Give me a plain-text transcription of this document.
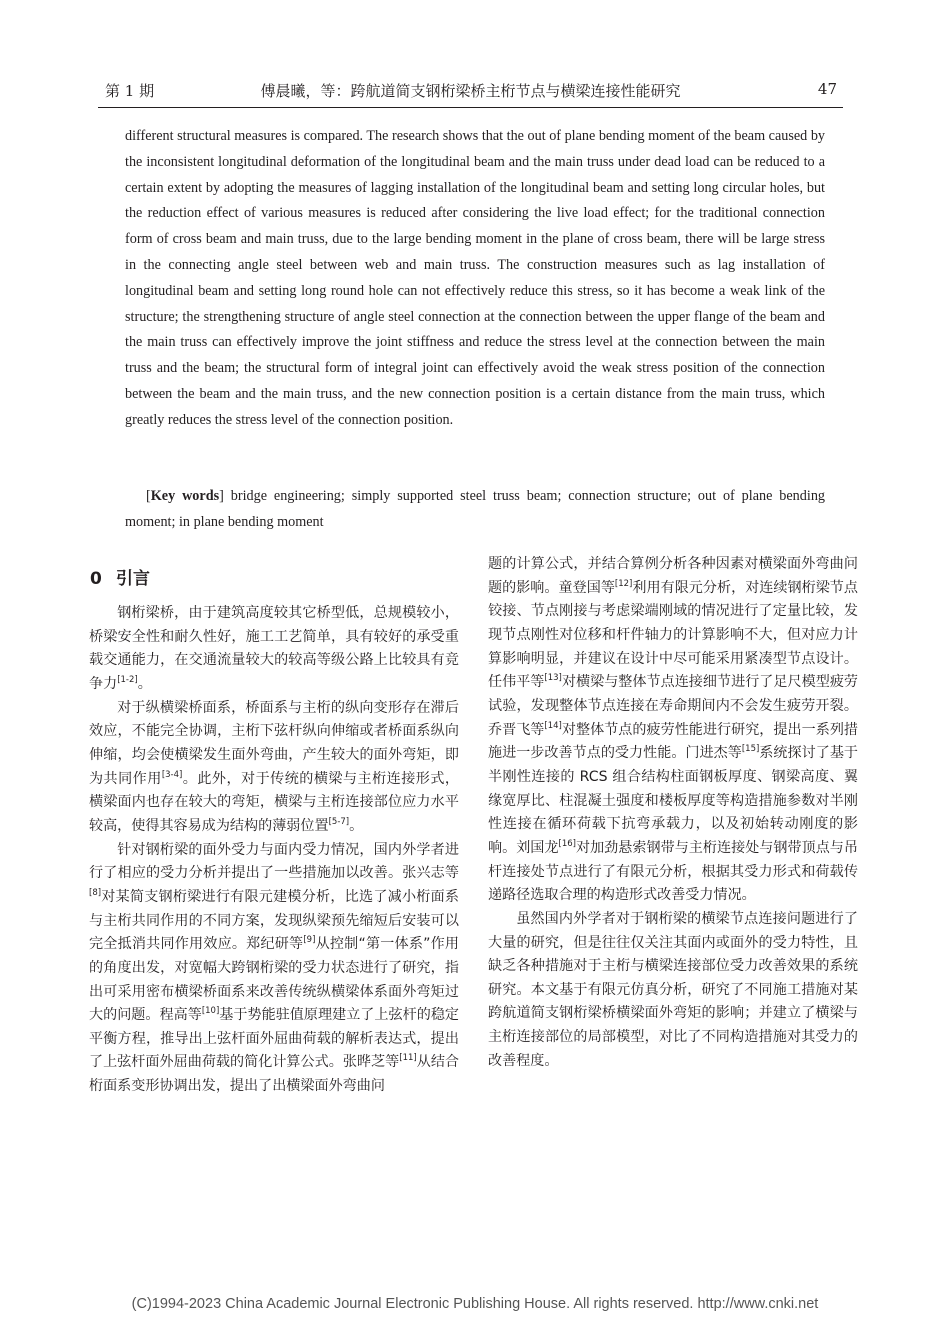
第 1 期	傅晨曦，等：跨航道简支钢桁梁桥主桁节点与横梁连接性能研究	47

different structural measures is compared. The research shows that the out of plane bending moment of the beam caused by the inconsistent longitudinal deformation of the longitudinal beam and the main truss under dead load can be reduced to a certain extent by adopting the measures of lagging installation of the longitudinal beam and setting long circular holes, but the reduction effect of various measures is reduced after considering the live load effect; for the traditional connection form of cross beam and main truss, due to the large bending moment in the plane of cross beam, there will be large stress in the connecting angle steel between web and main truss. The construction measures such as lag installation of longitudinal beam and setting long round hole can not effectively reduce this stress, so it has become a weak link of the structure; the strengthening structure of angle steel connection at the connection between the upper flange of the beam and the main truss can effectively improve the joint stiffness and reduce the stress level at the connection between the main truss and the beam; the structural form of integral joint can effectively avoid the weak stress position of the connection between the beam and the main truss, and the new connection position is a certain distance from the main truss, which greatly reduces the stress level of the connection position.

[Key words] bridge engineering; simply supported steel truss beam; connection structure; out of plane bending moment; in plane bending moment

0 引言

钢桁梁桥，由于建筑高度较其它桥型低，总规模较小，桥梁安全性和耐久性好，施工工艺简单，具有较好的承受重载交通能力，在交通流量较大的较高等级公路上比较具有竞争力[1-2]。

对于纵横梁桥面系，桥面系与主桁的纵向变形存在滞后效应，不能完全协调，主桁下弦杆纵向伸缩或者桥面系纵向伸缩，均会使横梁发生面外弯曲，产生较大的面外弯矩，即为共同作用[3-4]。此外，对于传统的横梁与主桁连接形式，横梁面内也存在较大的弯矩，横梁与主桁连接部位应力水平较高，使得其容易成为结构的薄弱位置[5-7]。

针对钢桁梁的面外受力与面内受力情况，国内外学者进行了相应的受力分析并提出了一些措施加以改善。张兴志等[8]对某简支钢桁梁进行有限元建模分析，比选了减小桁面系与主桁共同作用的不同方案，发现纵梁预先缩短后安装可以完全抵消共同作用效应。郑纪研等[9]从控制“第一体系”作用的角度出发，对宽幅大跨钢桁梁的受力状态进行了研究，指出可采用密布横梁桥面系来改善传统纵横梁体系面外弯矩过大的问题。程高等[10]基于势能驻值原理建立了上弦杆的稳定平衡方程，推导出上弦杆面外屈曲荷载的解析表达式，提出了上弦杆面外屈曲荷载的简化计算公式。张晔芝等[11]从结合桁面系变形协调出发，提出了出横梁面外弯曲问

题的计算公式，并结合算例分析各种因素对横梁面外弯曲问题的影响。童登国等[12]利用有限元分析，对连续钢桁梁节点铰接、节点刚接与考虑梁端刚域的情况进行了定量比较，发现节点刚性对位移和杆件轴力的计算影响不大，但对应力计算影响明显，并建议在设计中尽可能采用紧凑型节点设计。任伟平等[13]对横梁与整体节点连接细节进行了足尺模型疲劳试验，发现整体节点连接在寿命期间内不会发生疲劳开裂。乔晋飞等[14]对整体节点的疲劳性能进行研究，提出一系列措施进一步改善节点的受力性能。门进杰等[15]系统探讨了基于半刚性连接的 RCS 组合结构柱面钢板厚度、钢梁高度、翼缘宽厚比、柱混凝土强度和楼板厚度等构造措施参数对半刚性连接在循环荷载下抗弯承载力，以及初始转动刚度的影响。刘国龙[16]对加劲悬索钢带与主桁连接处与钢带顶点与吊杆连接处节点进行了有限元分析，根据其受力形式和荷载传递路径选取合理的构造形式改善受力情况。

虽然国内外学者对于钢桁梁的横梁节点连接问题进行了大量的研究，但是往往仅关注其面内或面外的受力特性，且缺乏各种措施对于主桁与横梁连接部位受力改善效果的系统研究。本文基于有限元仿真分析，研究了不同施工措施对某跨航道简支钢桁梁桥横梁面外弯矩的影响；并建立了横梁与主桁连接部位的局部模型，对比了不同构造措施对其受力的改善程度。

(C)1994-2023 China Academic Journal Electronic Publishing House. All rights reserved. http://www.cnki.net
